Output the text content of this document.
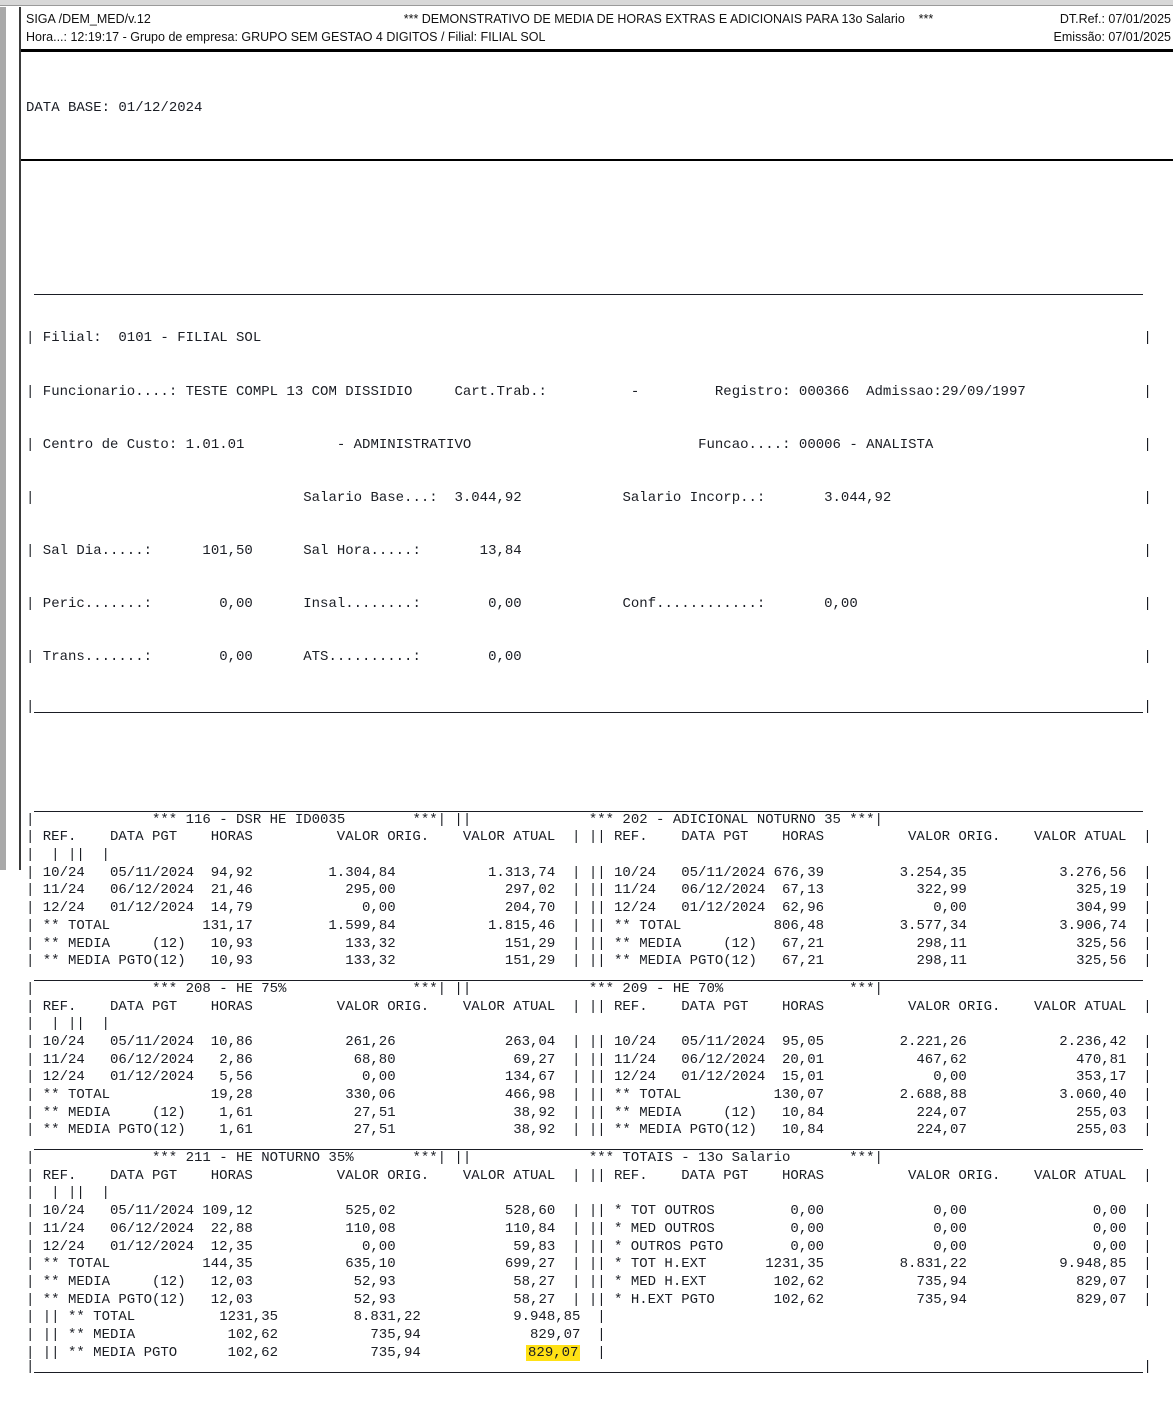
SIGA /DEM_MED/v.12	*** DEMONSTRATIVO DE MEDIA DE HORAS EXTRAS E ADICIONAIS PARA 13o Salario    ***	DT.Ref.: 07/01/2025
Hora...: 12:19:17 - Grupo de empresa: GRUPO SEM GESTAO 4 DIGITOS / Filial: FILIAL SOL	Emissão: 07/01/2025

DATA BASE: 01/12/2024

| Filial:  0101 - FILIAL SOL	|

| Funcionario....: TESTE COMPL 13 COM DISSIDIO     Cart.Trab.:          -         Registro: 000366  Admissao:29/09/1997	|

| Centro de Custo: 1.01.01           - ADMINISTRATIVO                           Funcao....: 00006 - ANALISTA	|

| Salario Base...:  3.044,92            Salario Incorp..:       3.044,92	|

| Sal Dia.....:      101,50      Sal Hora.....:       13,84	|

| Peric.......:        0,00      Insal........:        0,00            Conf............:       0,00	|

| Trans.......:        0,00      ATS..........:        0,00	|

|	|

|	*** 116 - DSR HE ID0035	*** | ||	*** 202 - ADICIONAL NOTURNO 35 *** |
| REF.	DATA PGT	HORAS	VALOR ORIG.	VALOR ATUAL | || REF.	DATA PGT	HORAS	VALOR ORIG.	VALOR ATUAL |
| | || |
| 10/24	05/11/2024	94,92	1.304,84	1.313,74 | || 10/24	05/11/2024 676,39	3.254,35	3.276,56 |
| 11/24	06/12/2024	21,46	295,00	297,02 | || 11/24	06/12/2024	67,13	322,99	325,19 |
| 12/24	01/12/2024	14,79	0,00	204,70 | || 12/24	01/12/2024	62,96	0,00	304,99 |
| ** TOTAL	131,17	1.599,84	1.815,46 | || ** TOTAL	806,48	3.577,34	3.906,74 |
| ** MEDIA     (12)	10,93	133,32	151,29 | || ** MEDIA     (12)	67,21	298,11	325,56 |
| ** MEDIA PGTO(12)	10,93	133,32	151,29 | || ** MEDIA PGTO(12)	67,21	298,11	325,56 |
|	*** 208 - HE 75%	*** | ||	*** 209 - HE 70%	*** |
| REF.	DATA PGT	HORAS	VALOR ORIG.	VALOR ATUAL | || REF.	DATA PGT	HORAS	VALOR ORIG.	VALOR ATUAL |
| | || |
| 10/24	05/11/2024	10,86	261,26	263,04 | || 10/24	05/11/2024	95,05	2.221,26	2.236,42 |
| 11/24	06/12/2024	2,86	68,80	69,27 | || 11/24	06/12/2024	20,01	467,62	470,81 |
| 12/24	01/12/2024	5,56	0,00	134,67 | || 12/24	01/12/2024	15,01	0,00	353,17 |
| ** TOTAL	19,28	330,06	466,98 | || ** TOTAL	130,07	2.688,88	3.060,40 |
| ** MEDIA     (12)	1,61	27,51	38,92 | || ** MEDIA     (12)	10,84	224,07	255,03 |
| ** MEDIA PGTO(12)	1,61	27,51	38,92 | || ** MEDIA PGTO(12)	10,84	224,07	255,03 |
|	*** 211 - HE NOTURNO 35%	*** | ||	*** TOTAIS - 13o Salario	*** |
| REF.	DATA PGT	HORAS	VALOR ORIG.	VALOR ATUAL | || REF.	DATA PGT	HORAS	VALOR ORIG.	VALOR ATUAL |
| | || |
| 10/24	05/11/2024 109,12	525,02	528,60 | || * TOT OUTROS	0,00	0,00	0,00 |
| 11/24	06/12/2024	22,88	110,08	110,84 | || * MED OUTROS	0,00	0,00	0,00 |
| 12/24	01/12/2024	12,35	0,00	59,83 | || * OUTROS PGTO	0,00	0,00	0,00 |
| ** TOTAL	144,35	635,10	699,27 | || * TOT H.EXT	1231,35	8.831,22	9.948,85 |
| ** MEDIA     (12)	12,03	52,93	58,27 | || * MED H.EXT	102,62	735,94	829,07 |
| ** MEDIA PGTO(12)	12,03	52,93	58,27 | || * H.EXT PGTO	102,62	735,94	829,07 |
| || ** TOTAL	1231,35	8.831,22	9.948,85 |
| || ** MEDIA	102,62	735,94	829,07 |
| || ** MEDIA PGTO	102,62	735,94	829,07 |
|	|
